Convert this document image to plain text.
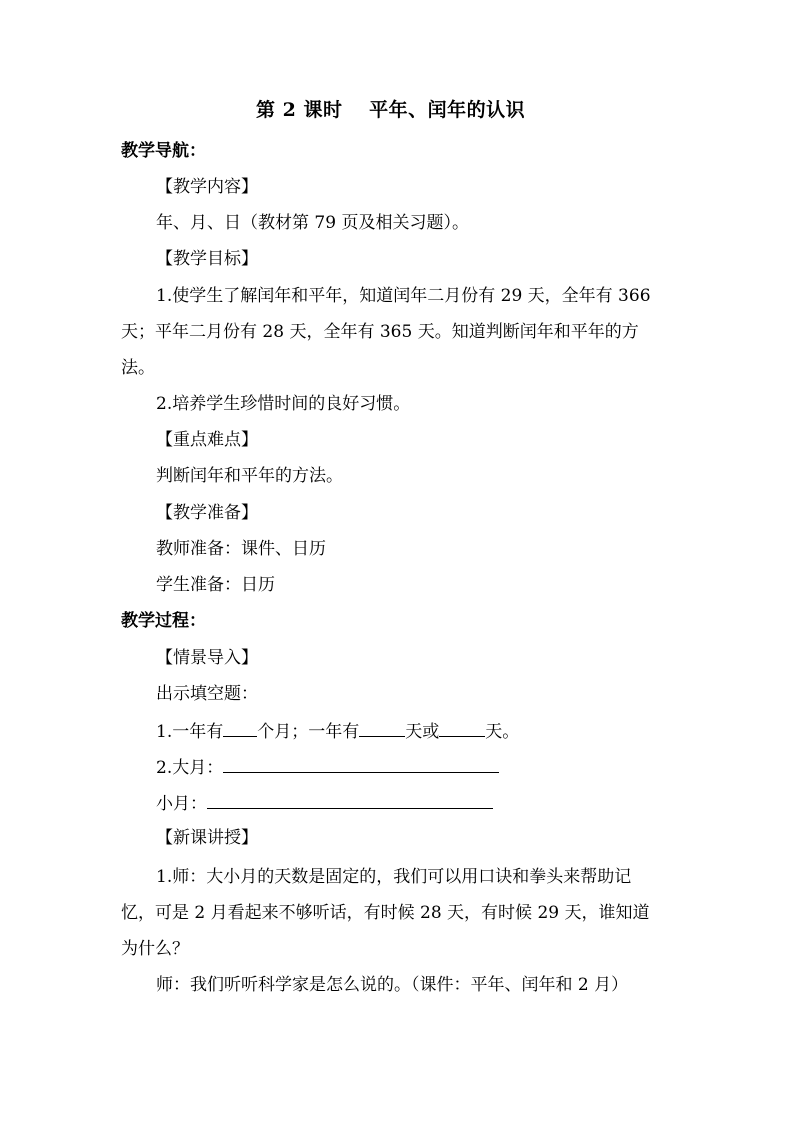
第 2 课时　 平年、闰年的认识
教学导航：
【教学内容】
年、月、日（教材第 79 页及相关习题）。
【教学目标】
1.使学生了解闰年和平年，知道闰年二月份有 29 天，全年有 366
天；平年二月份有 28 天，全年有 365 天。知道判断闰年和平年的方
法。
2.培养学生珍惜时间的良好习惯。
【重点难点】
判断闰年和平年的方法。
【教学准备】
教师准备：课件、日历
学生准备：日历
教学过程：
【情景导入】
出示填空题：
1.一年有 个月；一年有	天或	天。
2.大月：
小月：
【新课讲授】
1.师：大小月的天数是固定的，我们可以用口诀和拳头来帮助记
忆，可是 2 月看起来不够听话，有时候 28 天，有时候 29 天，谁知道
为什么？
师：我们听听科学家是怎么说的。（课件：平年、闰年和 2 月）
